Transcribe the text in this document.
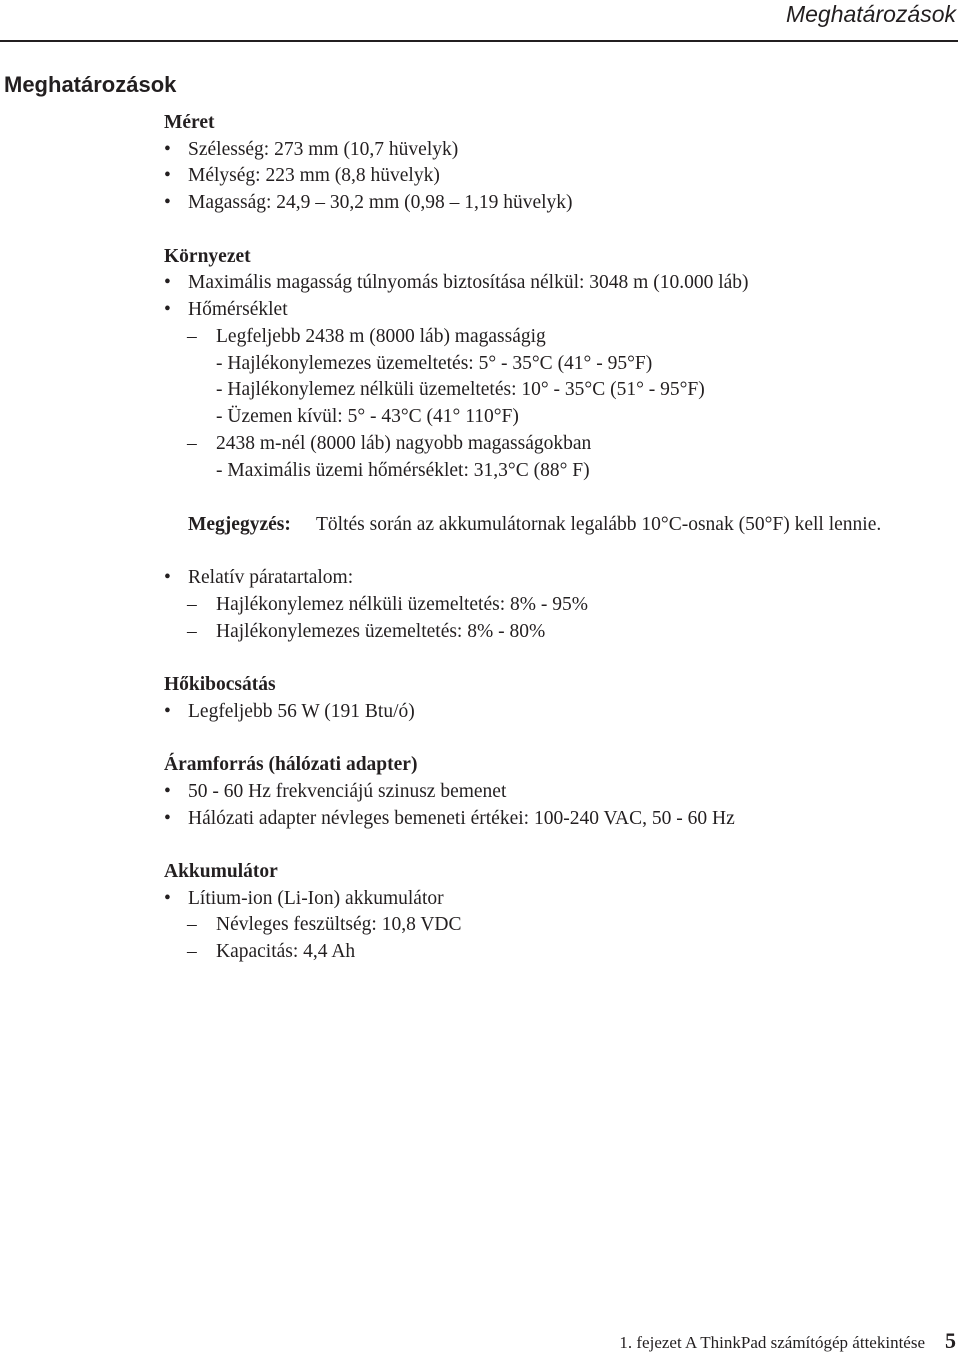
Meghatározások
Meghatározások
Méret
• Szélesség: 273 mm (10,7 hüvelyk)
• Mélység: 223 mm (8,8 hüvelyk)
• Magasság: 24,9 – 30,2 mm (0,98 – 1,19 hüvelyk)
Környezet
• Maximális magasság túlnyomás biztosítása nélkül: 3048 m (10.000 láb)
• Hőmérséklet
– Legfeljebb 2438 m (8000 láb) magasságig
- Hajlékonylemezes üzemeltetés: 5° - 35°C (41° - 95°F)
- Hajlékonylemez nélküli üzemeltetés: 10° - 35°C (51° - 95°F)
- Üzemen kívül: 5° - 43°C (41° 110°F)
– 2438 m-nél (8000 láb) nagyobb magasságokban
- Maximális üzemi hőmérséklet: 31,3°C (88° F)
Megjegyzés: Töltés során az akkumulátornak legalább 10°C-osnak (50°F) kell lennie.
• Relatív páratartalom:
– Hajlékonylemez nélküli üzemeltetés: 8% - 95%
– Hajlékonylemezes üzemeltetés: 8% - 80%
Hőkibocsátás
• Legfeljebb 56 W (191 Btu/ó)
Áramforrás (hálózati adapter)
• 50 - 60 Hz frekvenciájú szinusz bemenet
• Hálózati adapter névleges bemeneti értékei: 100-240 VAC, 50 - 60 Hz
Akkumulátor
• Lítium-ion (Li-Ion) akkumulátor
– Névleges feszültség: 10,8 VDC
– Kapacitás: 4,4 Ah
1. fejezet A ThinkPad számítógép áttekintése 5
